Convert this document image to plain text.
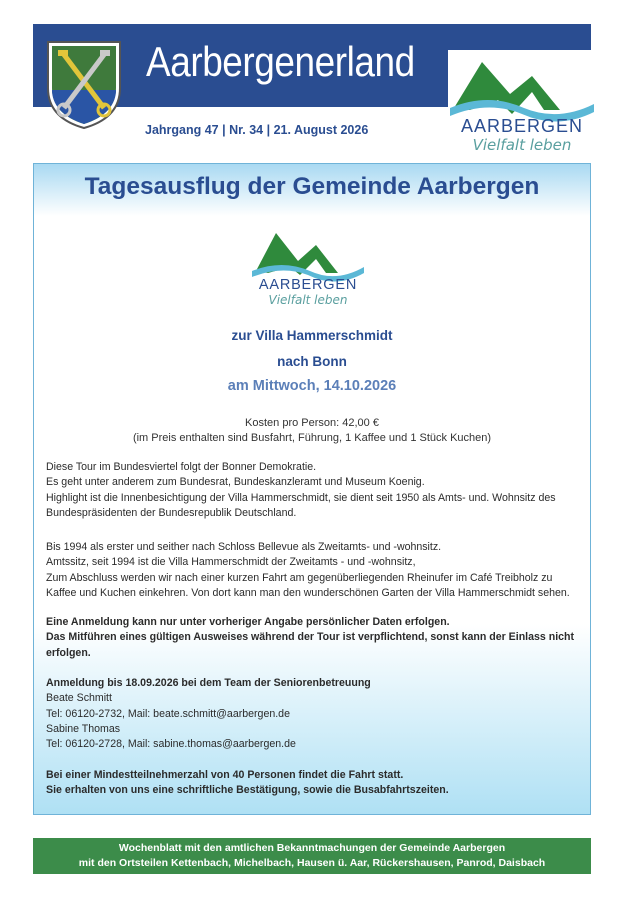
Aarbergenerland
AARBERGEN
Vielfalt leben
Jahrgang 47 | Nr. 34 | 21. August 2026
Tagesausflug der Gemeinde Aarbergen
AARBERGEN
Vielfalt leben
zur Villa Hammerschmidt
nach Bonn
am Mittwoch, 14.10.2026
Kosten pro Person: 42,00 €
(im Preis enthalten sind Busfahrt, Führung, 1 Kaffee und 1 Stück Kuchen)

Diese Tour im Bundesviertel folgt der Bonner Demokratie.

Es geht unter anderem zum Bundesrat, Bundeskanzleramt und Museum Koenig.

Highlight ist die Innenbesichtigung der Villa Hammerschmidt, sie dient seit 1950 als Amts- und. Wohnsitz des Bundespräsidenten der Bundesrepublik Deutschland.

Bis 1994 als erster und seither nach Schloss Bellevue als Zweitamts- und -wohnsitz.

Amtssitz, seit 1994 ist die Villa Hammerschmidt der Zweitamts - und -wohnsitz,

Zum Abschluss werden wir nach einer kurzen Fahrt am gegenüberliegenden Rheinufer im Café Treibholz zu Kaffee und Kuchen einkehren. Von dort kann man den wunderschönen Garten der Villa Hammerschmidt sehen.

Eine Anmeldung kann nur unter vorheriger Angabe persönlicher Daten erfolgen.

Das Mitführen eines gültigen Ausweises während der Tour ist verpflichtend, sonst kann der Einlass nicht erfolgen.

Anmeldung bis 18.09.2026 bei dem Team der Seniorenbetreuung

Beate Schmitt

Tel: 06120-2732, Mail: beate.schmitt@aarbergen.de

Sabine Thomas

Tel: 06120-2728, Mail: sabine.thomas@aarbergen.de

Bei einer Mindestteilnehmerzahl von 40 Personen findet die Fahrt statt.

Sie erhalten von uns eine schriftliche Bestätigung, sowie die Busabfahrtszeiten.

Wochenblatt mit den amtlichen Bekanntmachungen der Gemeinde Aarbergen
mit den Ortsteilen Kettenbach, Michelbach, Hausen ü. Aar, Rückershausen, Panrod, Daisbach
